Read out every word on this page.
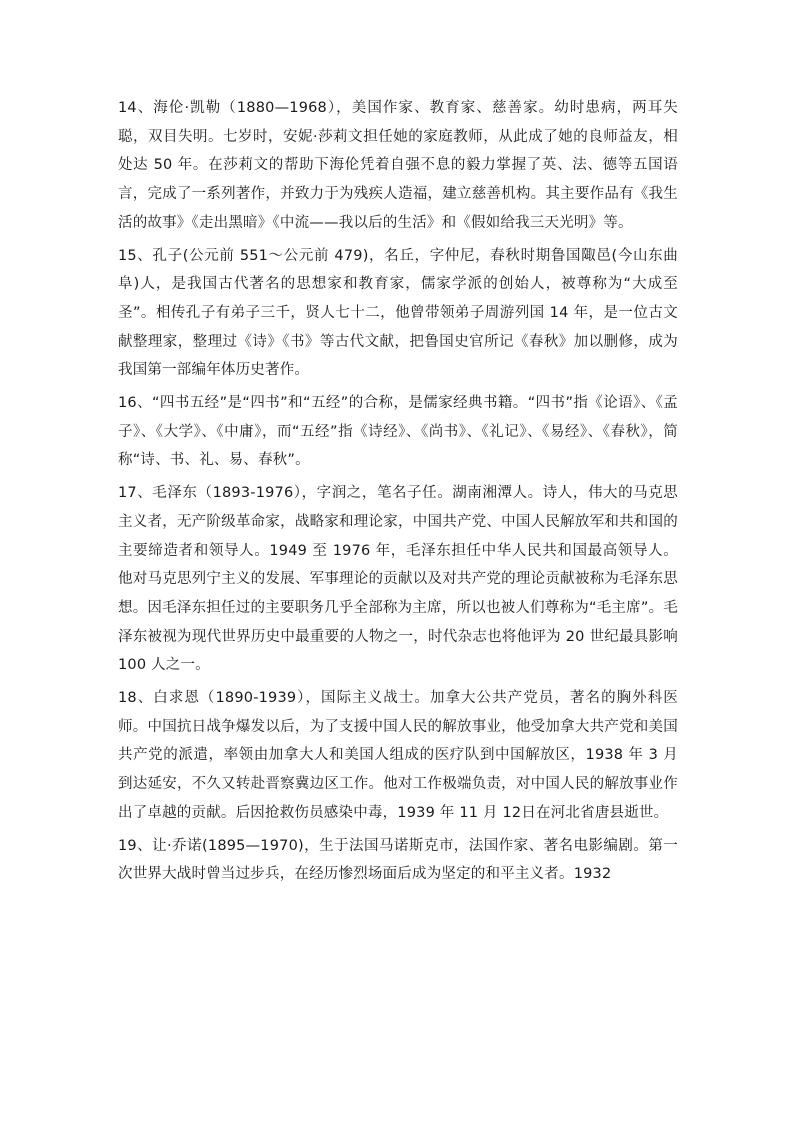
14、海伦·凯勒（1880—1968），美国作家、教育家、慈善家。幼时患病，两耳失聪，双目失明。七岁时，安妮·莎莉文担任她的家庭教师，从此成了她的良师益友，相处达 50 年。在莎莉文的帮助下海伦凭着自强不息的毅力掌握了英、法、德等五国语言，完成了一系列著作，并致力于为残疾人造福，建立慈善机构。其主要作品有《我生活的故事》《走出黑暗》《中流——我以后的生活》和《假如给我三天光明》等。

15、孔子(公元前 551～公元前 479)，名丘，字仲尼，春秋时期鲁国陬邑(今山东曲阜)人，是我国古代著名的思想家和教育家，儒家学派的创始人，被尊称为“大成至圣”。相传孔子有弟子三千，贤人七十二，他曾带领弟子周游列国 14 年，是一位古文献整理家，整理过《诗》《书》等古代文献，把鲁国史官所记《春秋》加以删修，成为我国第一部编年体历史著作。

16、“四书五经”是“四书”和“五经”的合称，是儒家经典书籍。“四书”指《论语》、《孟子》、《大学》、《中庸》，而“五经”指《诗经》、《尚书》、《礼记》、《易经》、《春秋》，简称“诗、书、礼、易、春秋”。

17、毛泽东（1893-1976），字润之，笔名子任。湖南湘潭人。诗人，伟大的马克思主义者，无产阶级革命家，战略家和理论家，中国共产党、中国人民解放军和共和国的主要缔造者和领导人。1949 至 1976 年，毛泽东担任中华人民共和国最高领导人。他对马克思列宁主义的发展、军事理论的贡献以及对共产党的理论贡献被称为毛泽东思想。因毛泽东担任过的主要职务几乎全部称为主席，所以也被人们尊称为“毛主席”。毛泽东被视为现代世界历史中最重要的人物之一，时代杂志也将他评为 20 世纪最具影响 100 人之一。

18、白求恩（1890-1939），国际主义战士。加拿大公共产党员，著名的胸外科医师。中国抗日战争爆发以后，为了支援中国人民的解放事业，他受加拿大共产党和美国共产党的派遣，率领由加拿大人和美国人组成的医疗队到中国解放区，1938 年 3 月到达延安，不久又转赴晋察冀边区工作。他对工作极端负责，对中国人民的解放事业作出了卓越的贡献。后因抢救伤员感染中毒，1939 年 11 月 12日在河北省唐县逝世。

19、让·乔诺(1895—1970)，生于法国马诺斯克市，法国作家、著名电影编剧。第一次世界大战时曾当过步兵，在经历惨烈场面后成为坚定的和平主义者。1932
